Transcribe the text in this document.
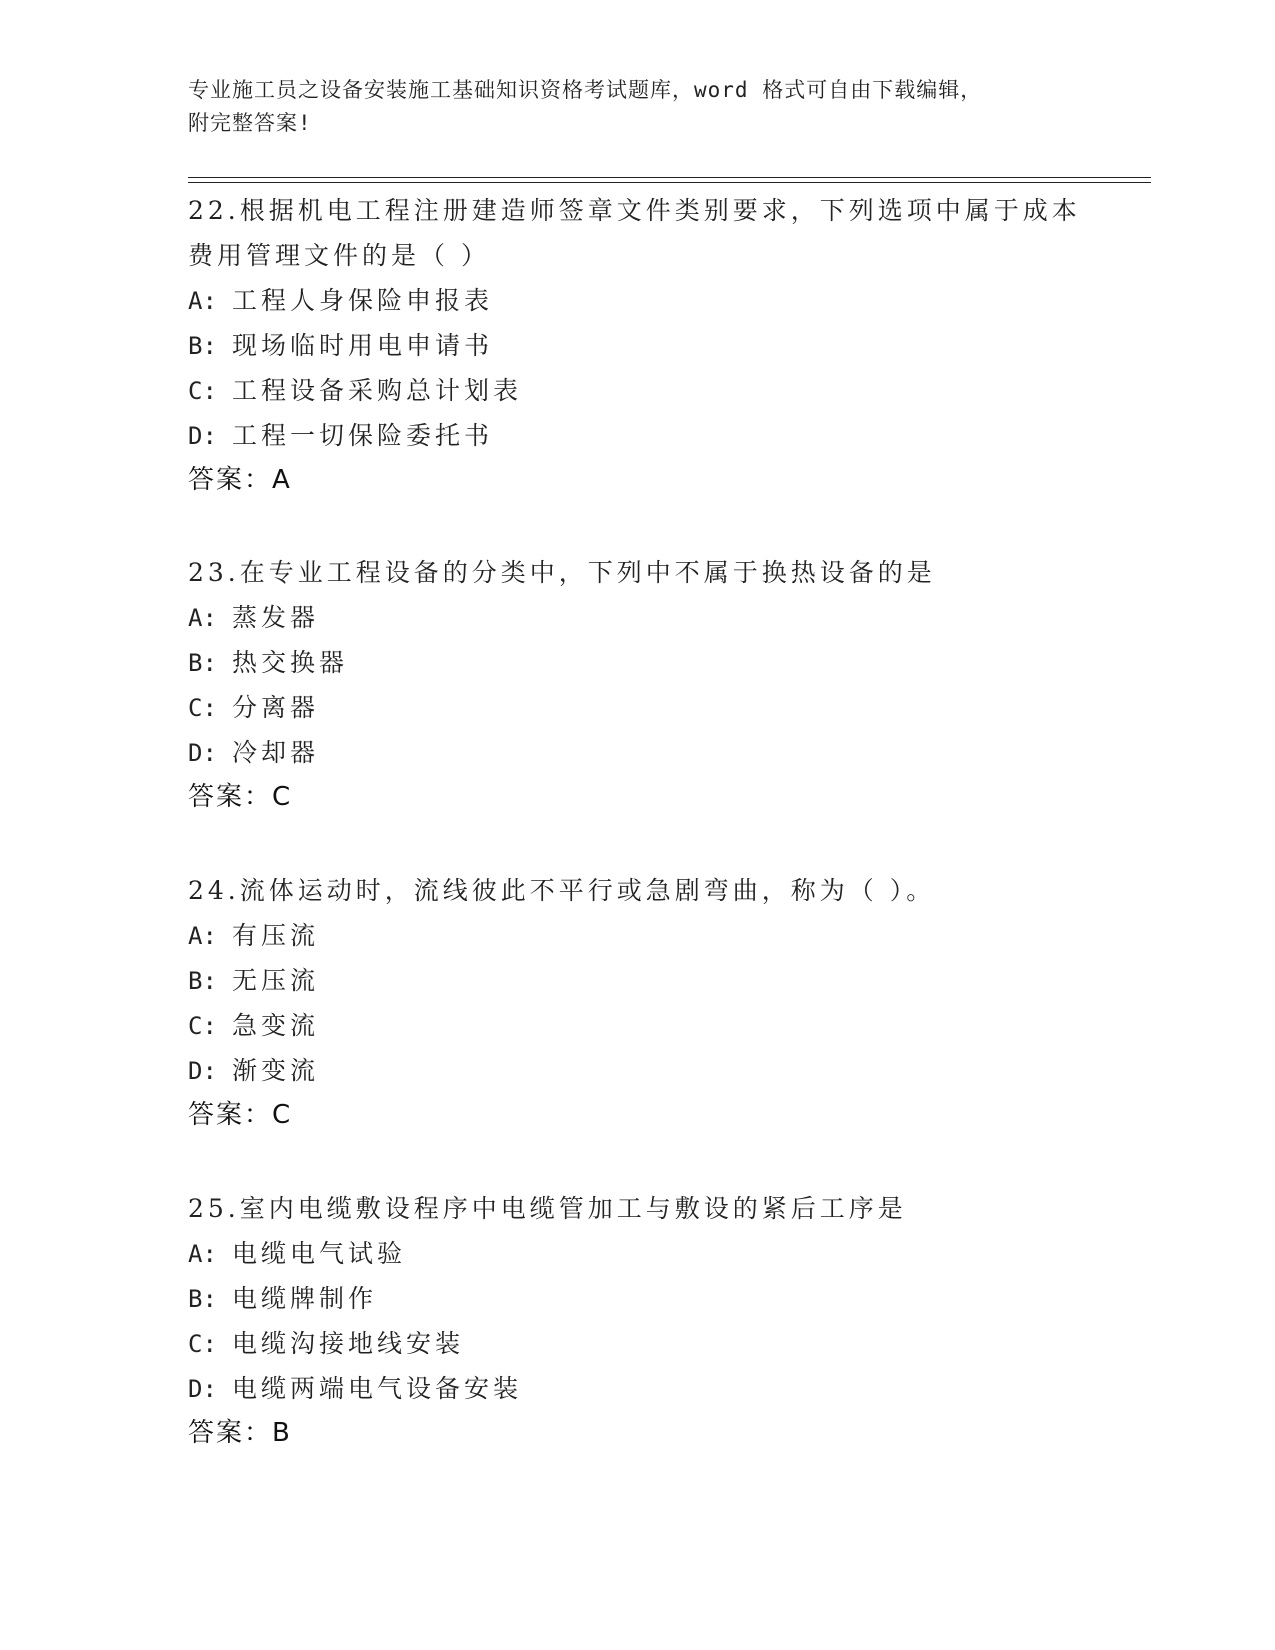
专业施工员之设备安装施工基础知识资格考试题库，word 格式可自由下载编辑，
附完整答案!
22.根据机电工程注册建造师签章文件类别要求，下列选项中属于成本
费用管理文件的是（ ）
A: 工程人身保险申报表
B: 现场临时用电申请书
C: 工程设备采购总计划表
D: 工程一切保险委托书
答案：A
23.在专业工程设备的分类中，下列中不属于换热设备的是
A: 蒸发器
B: 热交换器
C: 分离器
D: 冷却器
答案：C
24.流体运动时，流线彼此不平行或急剧弯曲，称为（ ）。
A: 有压流
B: 无压流
C: 急变流
D: 渐变流
答案：C
25.室内电缆敷设程序中电缆管加工与敷设的紧后工序是
A: 电缆电气试验
B: 电缆牌制作
C: 电缆沟接地线安装
D: 电缆两端电气设备安装
答案：B
